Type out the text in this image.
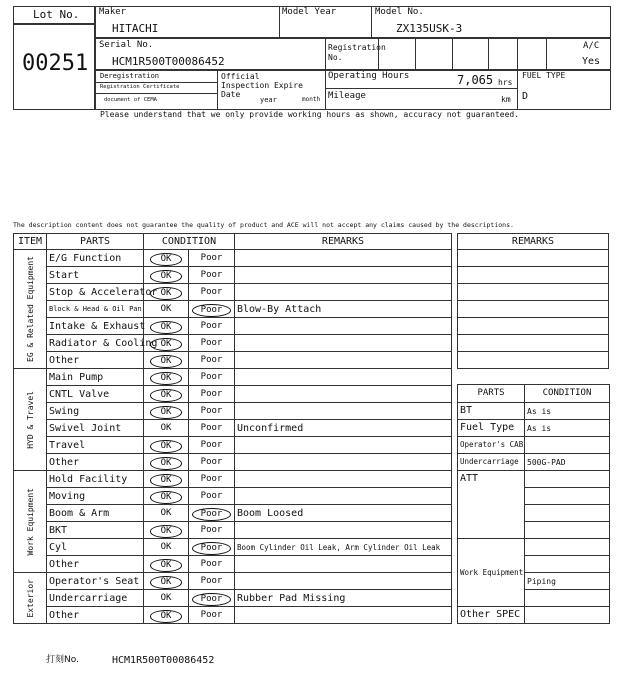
Lot No.
00251
Maker
HITACHI
Model Year	Model No.
ZX135USK-3
Serial No.
HCM1R500T00086452
Registration No.
A/C
Yes
Deregistration
Registration Certificate
document of CEMA
Official Inspection Expire Date
year	month
Operating Hours	7,065 hrs
Mileage	km
FUEL TYPE
D
Please understand that we only provide working hours as shown, accuracy not guaranteed.
The description content does not guarantee the quality of product and ACE will not accept any claims caused by the descriptions.
ITEM	PARTS	CONDITION		REMARKS

EG & Related Equipment	E/G Function	OK	Poor	
	Start	OK	Poor	
	Stop & Accelerator	OK	Poor	
	Block & Head & Oil Pan	OK	Poor	Blow-By Attach
	Intake & Exhaust	OK	Poor	
	Radiator & Cooling	OK	Poor	
	Other	OK	Poor	

HYD & Travel	Main Pump	OK	Poor	
	CNTL Valve	OK	Poor	
	Swing	OK	Poor	
	Swivel Joint	OK	Poor	Unconfirmed
	Travel	OK	Poor	
	Other	OK	Poor	

Work Equipment	Hold Facility	OK	Poor	
	Moving	OK	Poor	
	Boom & Arm	OK	Poor	Boom Loosed
	BKT	OK	Poor	
	Cyl	OK	Poor	Boom Cylinder Oil Leak, Arm Cylinder Oil Leak
	Other	OK	Poor	

Exterior	Operator's Seat	OK	Poor	
	Undercarriage	OK	Poor	Rubber Pad Missing
	Other	OK	Poor	
REMARKS

PARTS	CONDITION
BT	As is
Fuel Type	As is
Operator's CAB	
Undercarriage	500G-PAD
ATT	

Work Equipment	

	Piping

Other SPEC	
打刻No.	HCM1R500T00086452
